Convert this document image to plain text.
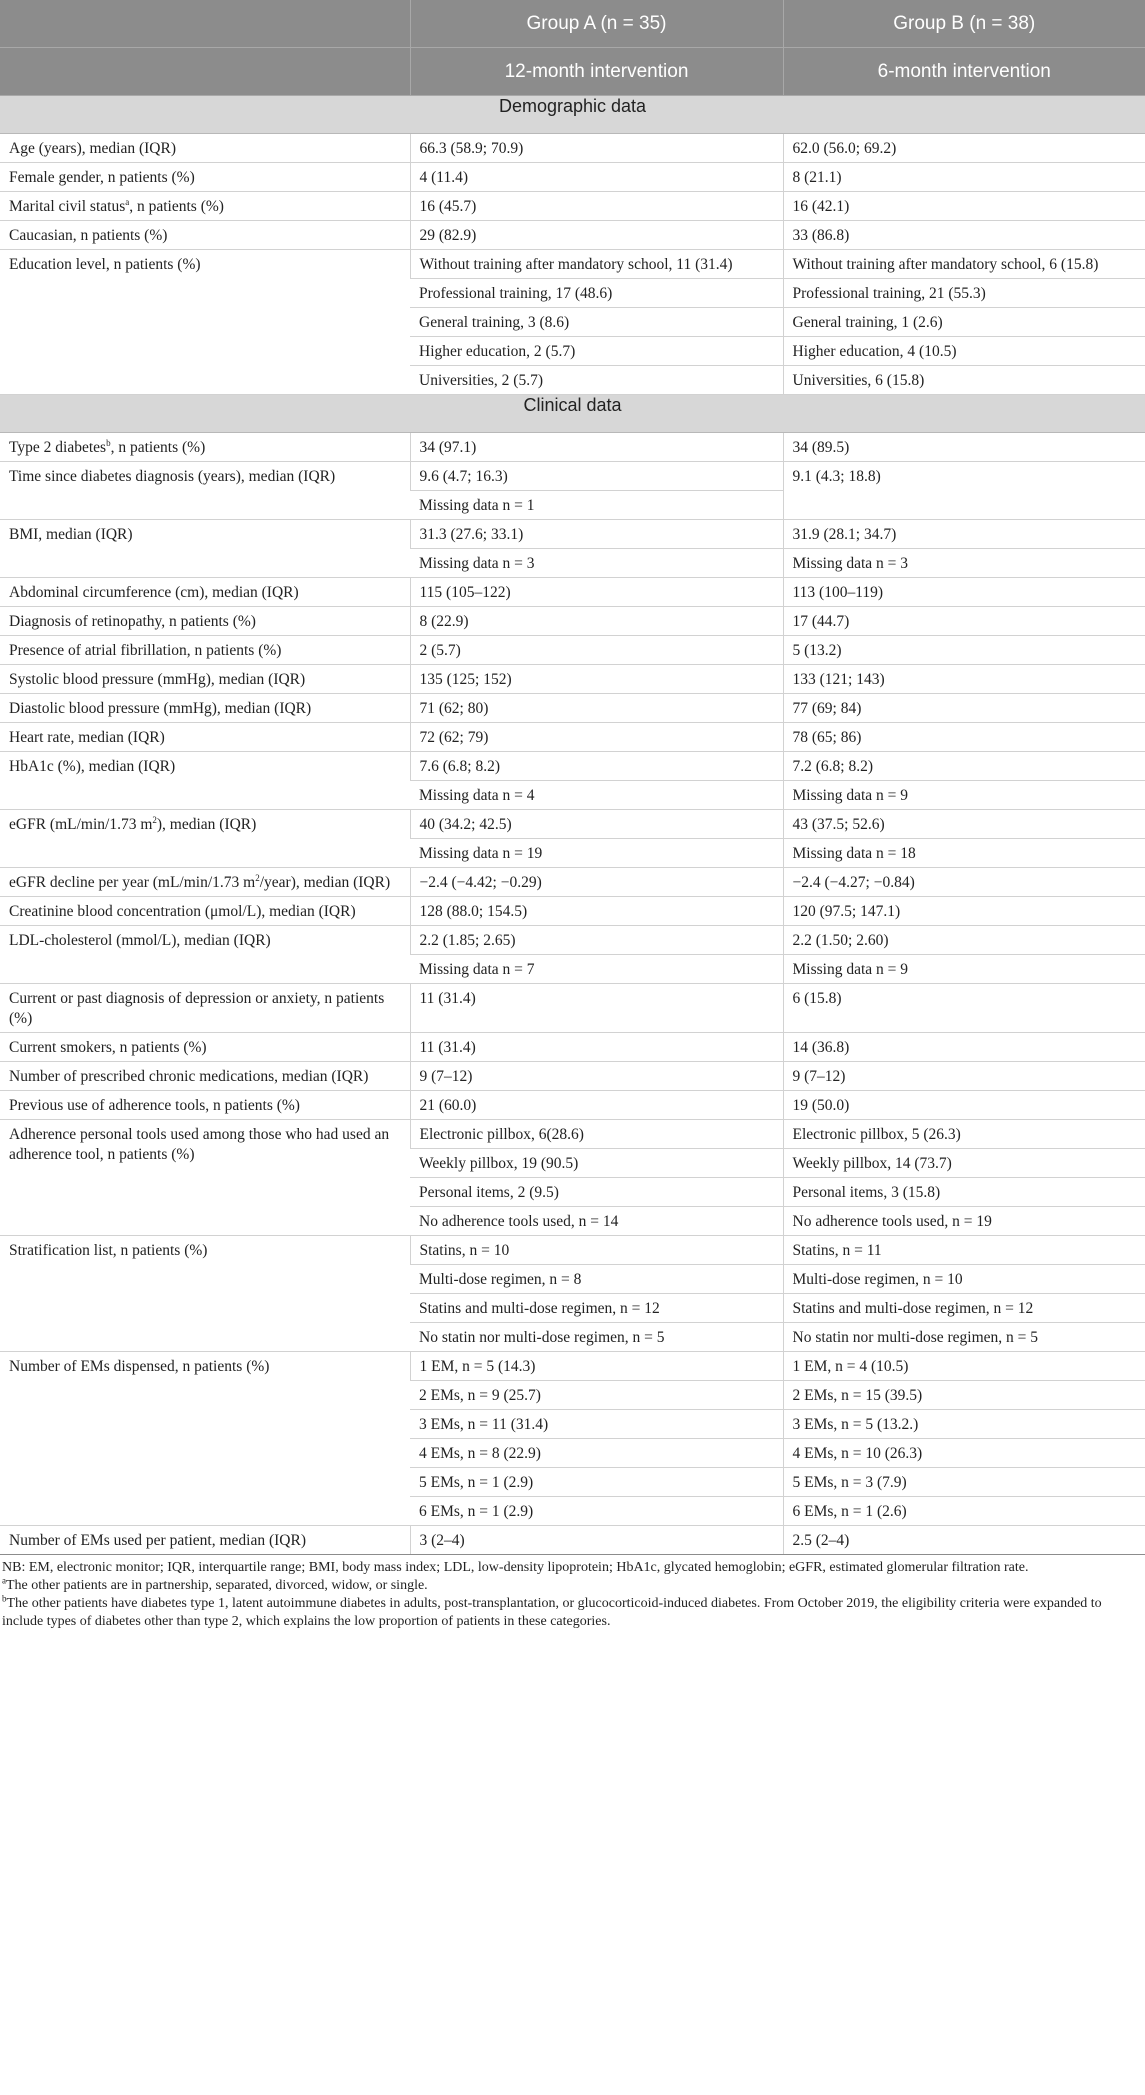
	Group A (n = 35)	Group B (n = 38)
	12-month intervention	6-month intervention
Demographic data		
Age (years), median (IQR)	66.3 (58.9; 70.9)	62.0 (56.0; 69.2)
Female gender, n patients (%)	4 (11.4)	8 (21.1)
Marital civil status$^a$, n patients (%)	16 (45.7)	16 (42.1)
Caucasian, n patients (%)	29 (82.9)	33 (86.8)
Education level, n patients (%)	Without training after mandatory school, 11 (31.4)	Without training after mandatory school, 6 (15.8)
	Professional training, 17 (48.6)	Professional training, 21 (55.3)
	General training, 3 (8.6)	General training, 1 (2.6)
	Higher education, 2 (5.7)	Higher education, 4 (10.5)
	Universities, 2 (5.7)	Universities, 6 (15.8)
Clinical data		
Type 2 diabetes$^b$, n patients (%)	34 (97.1)	34 (89.5)
Time since diabetes diagnosis (years), median (IQR)	9.6 (4.7; 16.3)	9.1 (4.3; 18.8)
	Missing data n = 1	
BMI, median (IQR)	31.3 (27.6; 33.1)	31.9 (28.1; 34.7)
	Missing data n = 3	Missing data n = 3
Abdominal circumference (cm), median (IQR)	115 (105–122)	113 (100–119)
Diagnosis of retinopathy, n patients (%)	8 (22.9)	17 (44.7)
Presence of atrial fibrillation, n patients (%)	2 (5.7)	5 (13.2)
Systolic blood pressure (mmHg), median (IQR)	135 (125; 152)	133 (121; 143)
Diastolic blood pressure (mmHg), median (IQR)	71 (62; 80)	77 (69; 84)
Heart rate, median (IQR)	72 (62; 79)	78 (65; 86)
HbA1c (%), median (IQR)	7.6 (6.8; 8.2)	7.2 (6.8; 8.2)
	Missing data n = 4	Missing data n = 9
eGFR (mL/min/1.73 $m^2$), median (IQR)	40 (34.2; 42.5)	43 (37.5; 52.6)
	Missing data n = 19	Missing data n = 18
eGFR decline per year (mL/min/1.73 $m^2/year$), median (IQR)	−2.4 (−4.42; −0.29)	−2.4 (−4.27; −0.84)
Creatinine blood concentration (μmol/L), median (IQR)	128 (88.0; 154.5)	120 (97.5; 147.1)
LDL-cholesterol (mmol/L), median (IQR)	2.2 (1.85; 2.65)	2.2 (1.50; 2.60)
	Missing data n = 7	Missing data n = 9
Current or past diagnosis of depression or anxiety, n patients (%)	11 (31.4)	6 (15.8)
Current smokers, n patients (%)	11 (31.4)	14 (36.8)
Number of prescribed chronic medications, median (IQR)	9 (7–12)	9 (7–12)
Previous use of adherence tools, n patients (%)	21 (60.0)	19 (50.0)
Adherence personal tools used among those who had used an adherence tool, n patients (%)	Electronic pillbox, 6(28.6)	Electronic pillbox, 5 (26.3)
	Weekly pillbox, 19 (90.5)	Weekly pillbox, 14 (73.7)
	Personal items, 2 (9.5)	Personal items, 3 (15.8)
	No adherence tools used, n = 14	No adherence tools used, n = 19
Stratification list, n patients (%)	Statins, n = 10	Statins, n = 11
	Multi-dose regimen, n = 8	Multi-dose regimen, n = 10
	Statins and multi-dose regimen, n = 12	Statins and multi-dose regimen, n = 12
	No statin nor multi-dose regimen, n = 5	No statin nor multi-dose regimen, n = 5
Number of EMs dispensed, n patients (%)	1 EM, n = 5 (14.3)	1 EM, n = 4 (10.5)
	2 EMs, n = 9 (25.7)	2 EMs, n = 15 (39.5)
	3 EMs, n = 11 (31.4)	3 EMs, n = 5 (13.2.)
	4 EMs, n = 8 (22.9)	4 EMs, n = 10 (26.3)
	5 EMs, n = 1 (2.9)	5 EMs, n = 3 (7.9)
	6 EMs, n = 1 (2.9)	6 EMs, n = 1 (2.6)
Number of EMs used per patient, median (IQR)	3 (2–4)	2.5 (2–4)

NB: EM, electronic monitor; IQR, interquartile range; BMI, body mass index; LDL, low-density lipoprotein; HbA1c, glycated hemoglobin; eGFR, estimated glomerular filtration rate.

$^a$The other patients are in partnership, separated, divorced, widow, or single.

$^b$The other patients have diabetes type 1, latent autoimmune diabetes in adults, post-transplantation, or glucocorticoid-induced diabetes. From October 2019, the eligibility criteria were expanded to include types of diabetes other than type 2, which explains the low proportion of patients in these categories.
